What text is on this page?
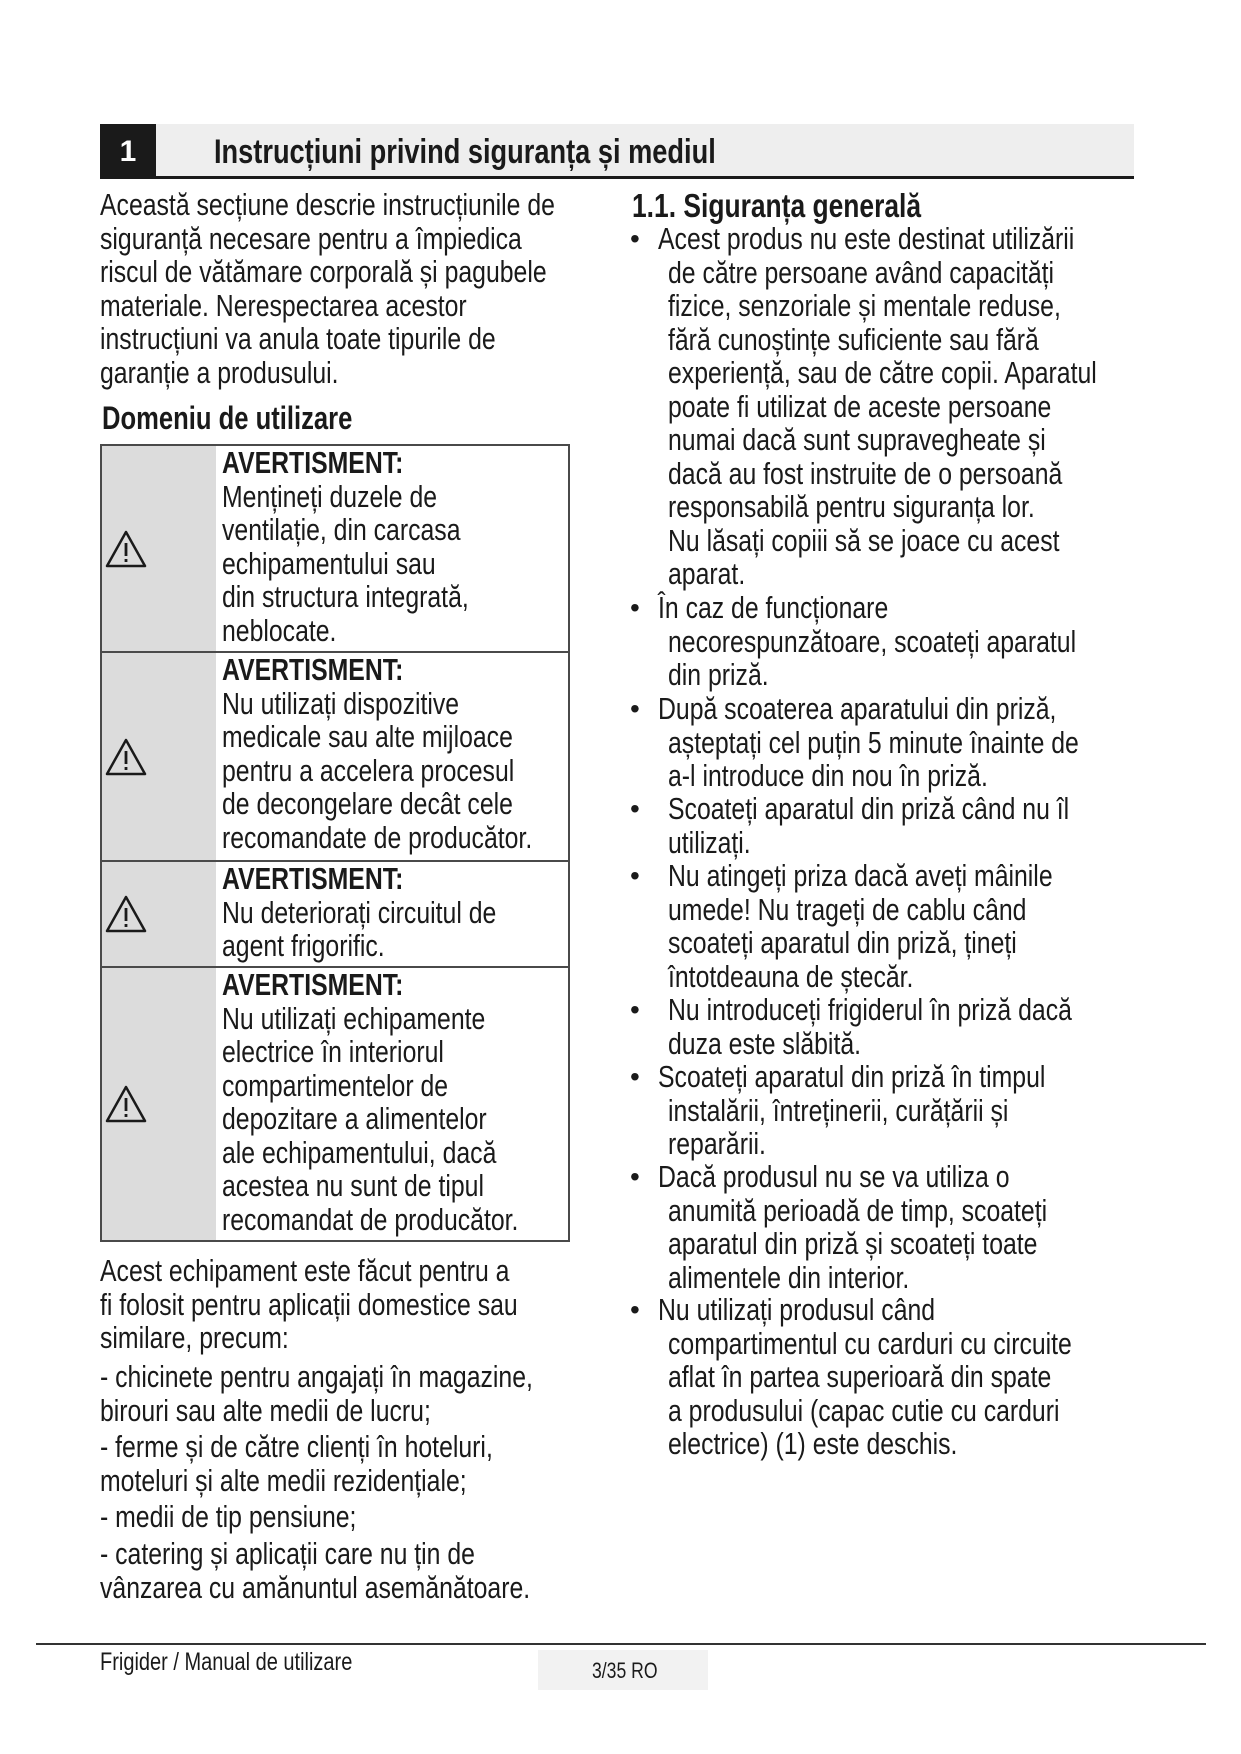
1	Instrucțiuni privind siguranța și mediul
Această secțiune descrie instrucțiunile de
siguranță necesare pentru a împiedica
riscul de vătămare corporală și pagubele
materiale. Nerespectarea acestor
instrucțiuni va anula toate tipurile de
garanție a produsului.
Domeniu de utilizare
AVERTISMENT:
Mențineți duzele de
ventilație, din carcasa
echipamentului sau
din structura integrată,
neblocate.
AVERTISMENT:
Nu utilizați dispozitive
medicale sau alte mijloace
pentru a accelera procesul
de decongelare decât cele
recomandate de producător.
AVERTISMENT:
Nu deteriorați circuitul de
agent frigorific.
AVERTISMENT:
Nu utilizați echipamente
electrice în interiorul
compartimentelor de
depozitare a alimentelor
ale echipamentului, dacă
acestea nu sunt de tipul
recomandat de producător.
Acest echipament este făcut pentru a
fi folosit pentru aplicații domestice sau
similare, precum:
- chicinete pentru angajați în magazine,
birouri sau alte medii de lucru;
- ferme și de către clienți în hoteluri,
moteluri și alte medii rezidențiale;
- medii de tip pensiune;
- catering și aplicații care nu țin de
vânzarea cu amănuntul asemănătoare.
1.1. Siguranța generală
• Acest produs nu este destinat utilizării
de către persoane având capacități
fizice, senzoriale și mentale reduse,
fără cunoștințe suficiente sau fără
experiență, sau de către copii. Aparatul
poate fi utilizat de aceste persoane
numai dacă sunt supravegheate și
dacă au fost instruite de o persoană
responsabilă pentru siguranța lor.
Nu lăsați copiii să se joace cu acest
aparat.
• În caz de funcționare
necorespunzătoare, scoateți aparatul
din priză.
• După scoaterea aparatului din priză,
așteptați cel puțin 5 minute înainte de
a-l introduce din nou în priză.
• Scoateți aparatul din priză când nu îl
utilizați.
• Nu atingeți priza dacă aveți mâinile
umede! Nu trageți de cablu când
scoateți aparatul din priză, țineți
întotdeauna de ștecăr.
• Nu introduceți frigiderul în priză dacă
duza este slăbită.
• Scoateți aparatul din priză în timpul
instalării, întreținerii, curățării și
reparării.
• Dacă produsul nu se va utiliza o
anumită perioadă de timp, scoateți
aparatul din priză și scoateți toate
alimentele din interior.
• Nu utilizați produsul când
compartimentul cu carduri cu circuite
aflat în partea superioară din spate
a produsului (capac cutie cu carduri
electrice) (1) este deschis.
Frigider / Manual de utilizare	3/35 RO
